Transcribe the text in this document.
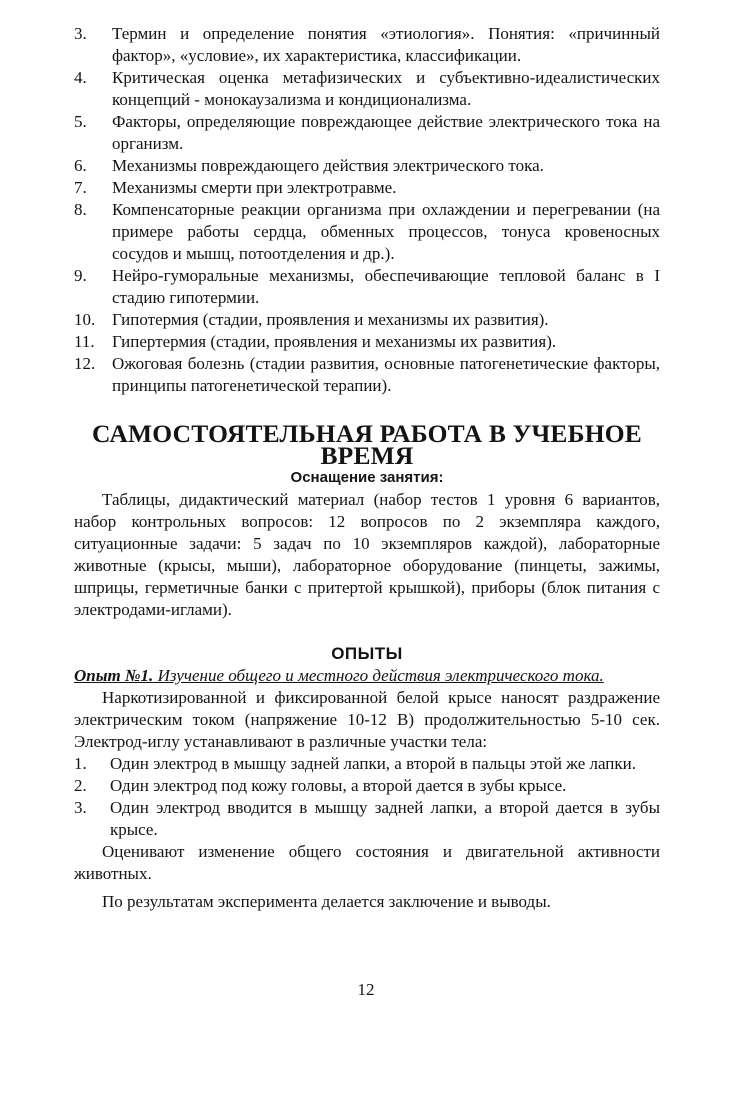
3.	Термин и определение понятия «этиология». Понятия: «причинный фактор», «условие», их характеристика, классификации.
4.	Критическая оценка метафизических и субъективно-идеалистических концепций - монокаузализма и кондиционализма.
5.	Факторы, определяющие повреждающее действие электрического тока на организм.
6.	Механизмы повреждающего действия электрического тока.
7.	Механизмы смерти при электротравме.
8.	Компенсаторные реакции организма при охлаждении и перегревании (на примере работы сердца, обменных процессов, тонуса кровеносных сосудов и мышц, потоотделения и др.).
9.	Нейро-гуморальные механизмы, обеспечивающие тепловой баланс в I стадию гипотермии.
10. Гипотермия (стадии, проявления и механизмы их развития).
11.	Гипертермия (стадии, проявления и механизмы их развития).
12. Ожоговая болезнь (стадии развития, основные патогенетические факторы, принципы патогенетической терапии).
САМОСТОЯТЕЛЬНАЯ РАБОТА В УЧЕБНОЕ ВРЕМЯ
Оснащение занятия:

Таблицы, дидактический материал (набор тестов 1 уровня 6 вариантов, набор контрольных вопросов: 12 вопросов по 2 экземпляра каждого, ситуационные задачи: 5 задач по 10 экземпляров каждой), лабораторные животные (крысы, мыши), лабораторное оборудование (пинцеты, зажимы, шприцы, герметичные банки с притертой крышкой), приборы (блок питания с электродами-иглами).

ОПЫТЫ

Опыт №1. Изучение общего и местного действия электрического тока.

Наркотизированной и фиксированной белой крысе наносят раздражение электрическим током (напряжение 10-12 В) продолжительностью 5-10 сек. Электрод-иглу устанавливают в различные участки тела:

1.	Один электрод в мышцу задней лапки, а второй в пальцы этой же лапки.
2.	Один электрод под кожу головы, а второй дается в зубы крысе.
3.	Один электрод вводится в мышцу задней лапки, а второй дается в зубы крысе.

Оценивают изменение общего состояния и двигательной активности животных.

По результатам эксперимента делается заключение и выводы.

12
